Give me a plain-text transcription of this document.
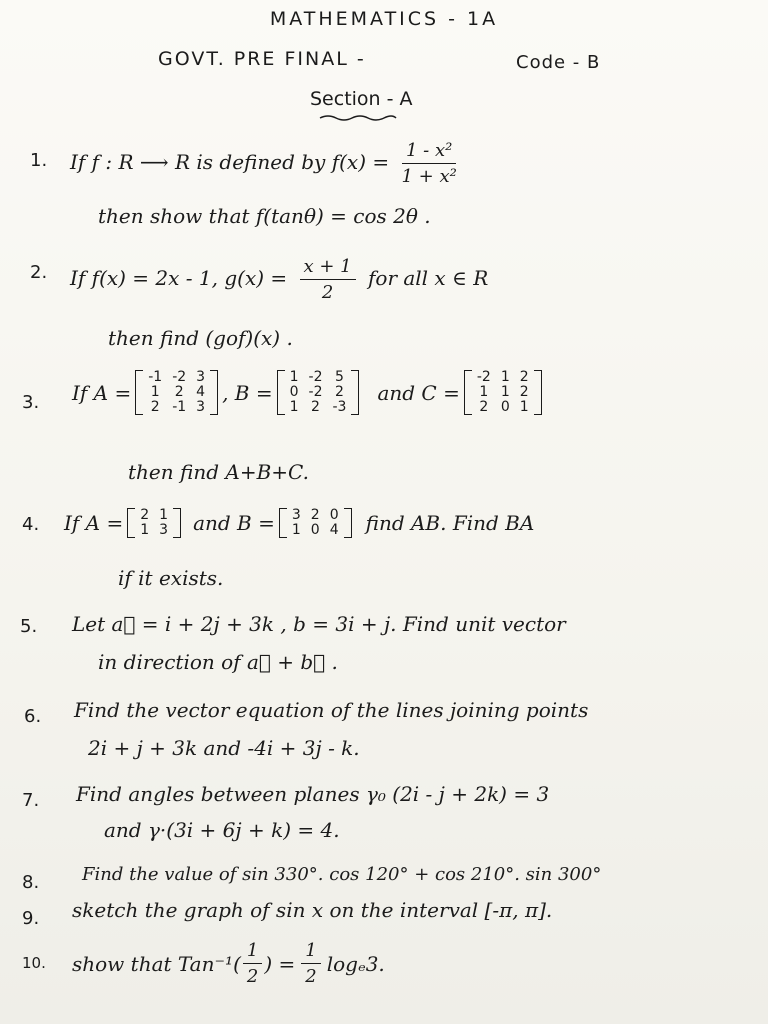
MATHEMATICS - 1A
GOVT. PRE FINAL -	Code - B
Section - A
1. If f : R ⟶ R is defined by $f(x) = \frac{\text{1 - x²}}{\text{1 + x²}}$
then show that f(tanθ) = cos 2θ .
2. If f(x) = 2x - 1, $g(x) = \frac{x + 1}{2}$ for all x ∈ R
then find (gof)(x) .
3. If A =
-1	-2	3
1	2	4
2	-1	3
, B =
1	-2	5
0	-2	2
1	2	-3
and C =
-2	1	2
1	1	2
2	0	1
then find A+B+C.
4. If A = 2	1
1	3 and B = 3	2	0
1	0	4 find AB. Find BA
if it exists.
5. Let a⃗ = i + 2j + 3k , b = 3i + j. Find unit vector
in direction of a⃗ + b⃗ .
6. Find the vector equation of the lines joining points
2i + j + 3k and -4i + 3j - k.
7. Find angles between planes γ₀ (2i - j + 2k) = 3
and γ·(3i + 6j + k) = 4.
8. Find the value of sin 330°. cos 120° + cos 210°. sin 300°
9. sketch the graph of sin x on the interval [-π, π].
10. show that $Tan^{-1}( \frac{1}{2}$ ) = $\frac{1}{2} \log_e3$.
